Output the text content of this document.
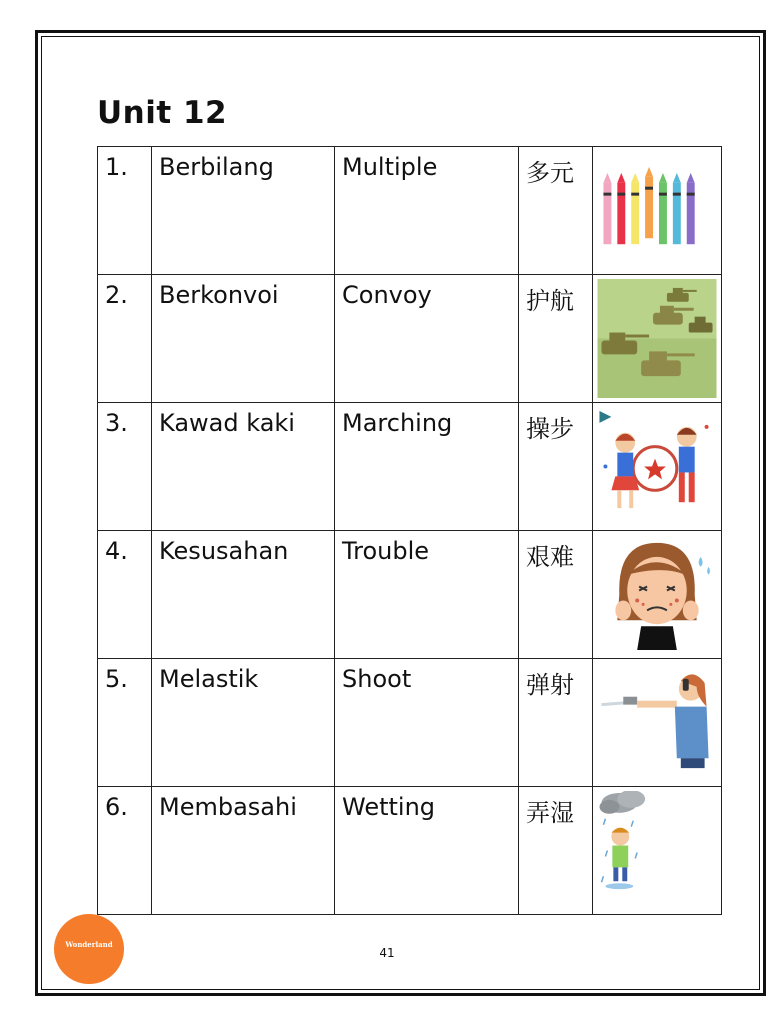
Unit 12
1.	Berbilang	Multiple	多元	

2.	Berkonvoi	Convoy	护航	

3.	Kawad kaki	Marching	操步	

4.	Kesusahan	Trouble	艰难	

5.	Melastik	Shoot	弹射	

6.	Membasahi	Wetting	弄湿	
Wonderland
41
